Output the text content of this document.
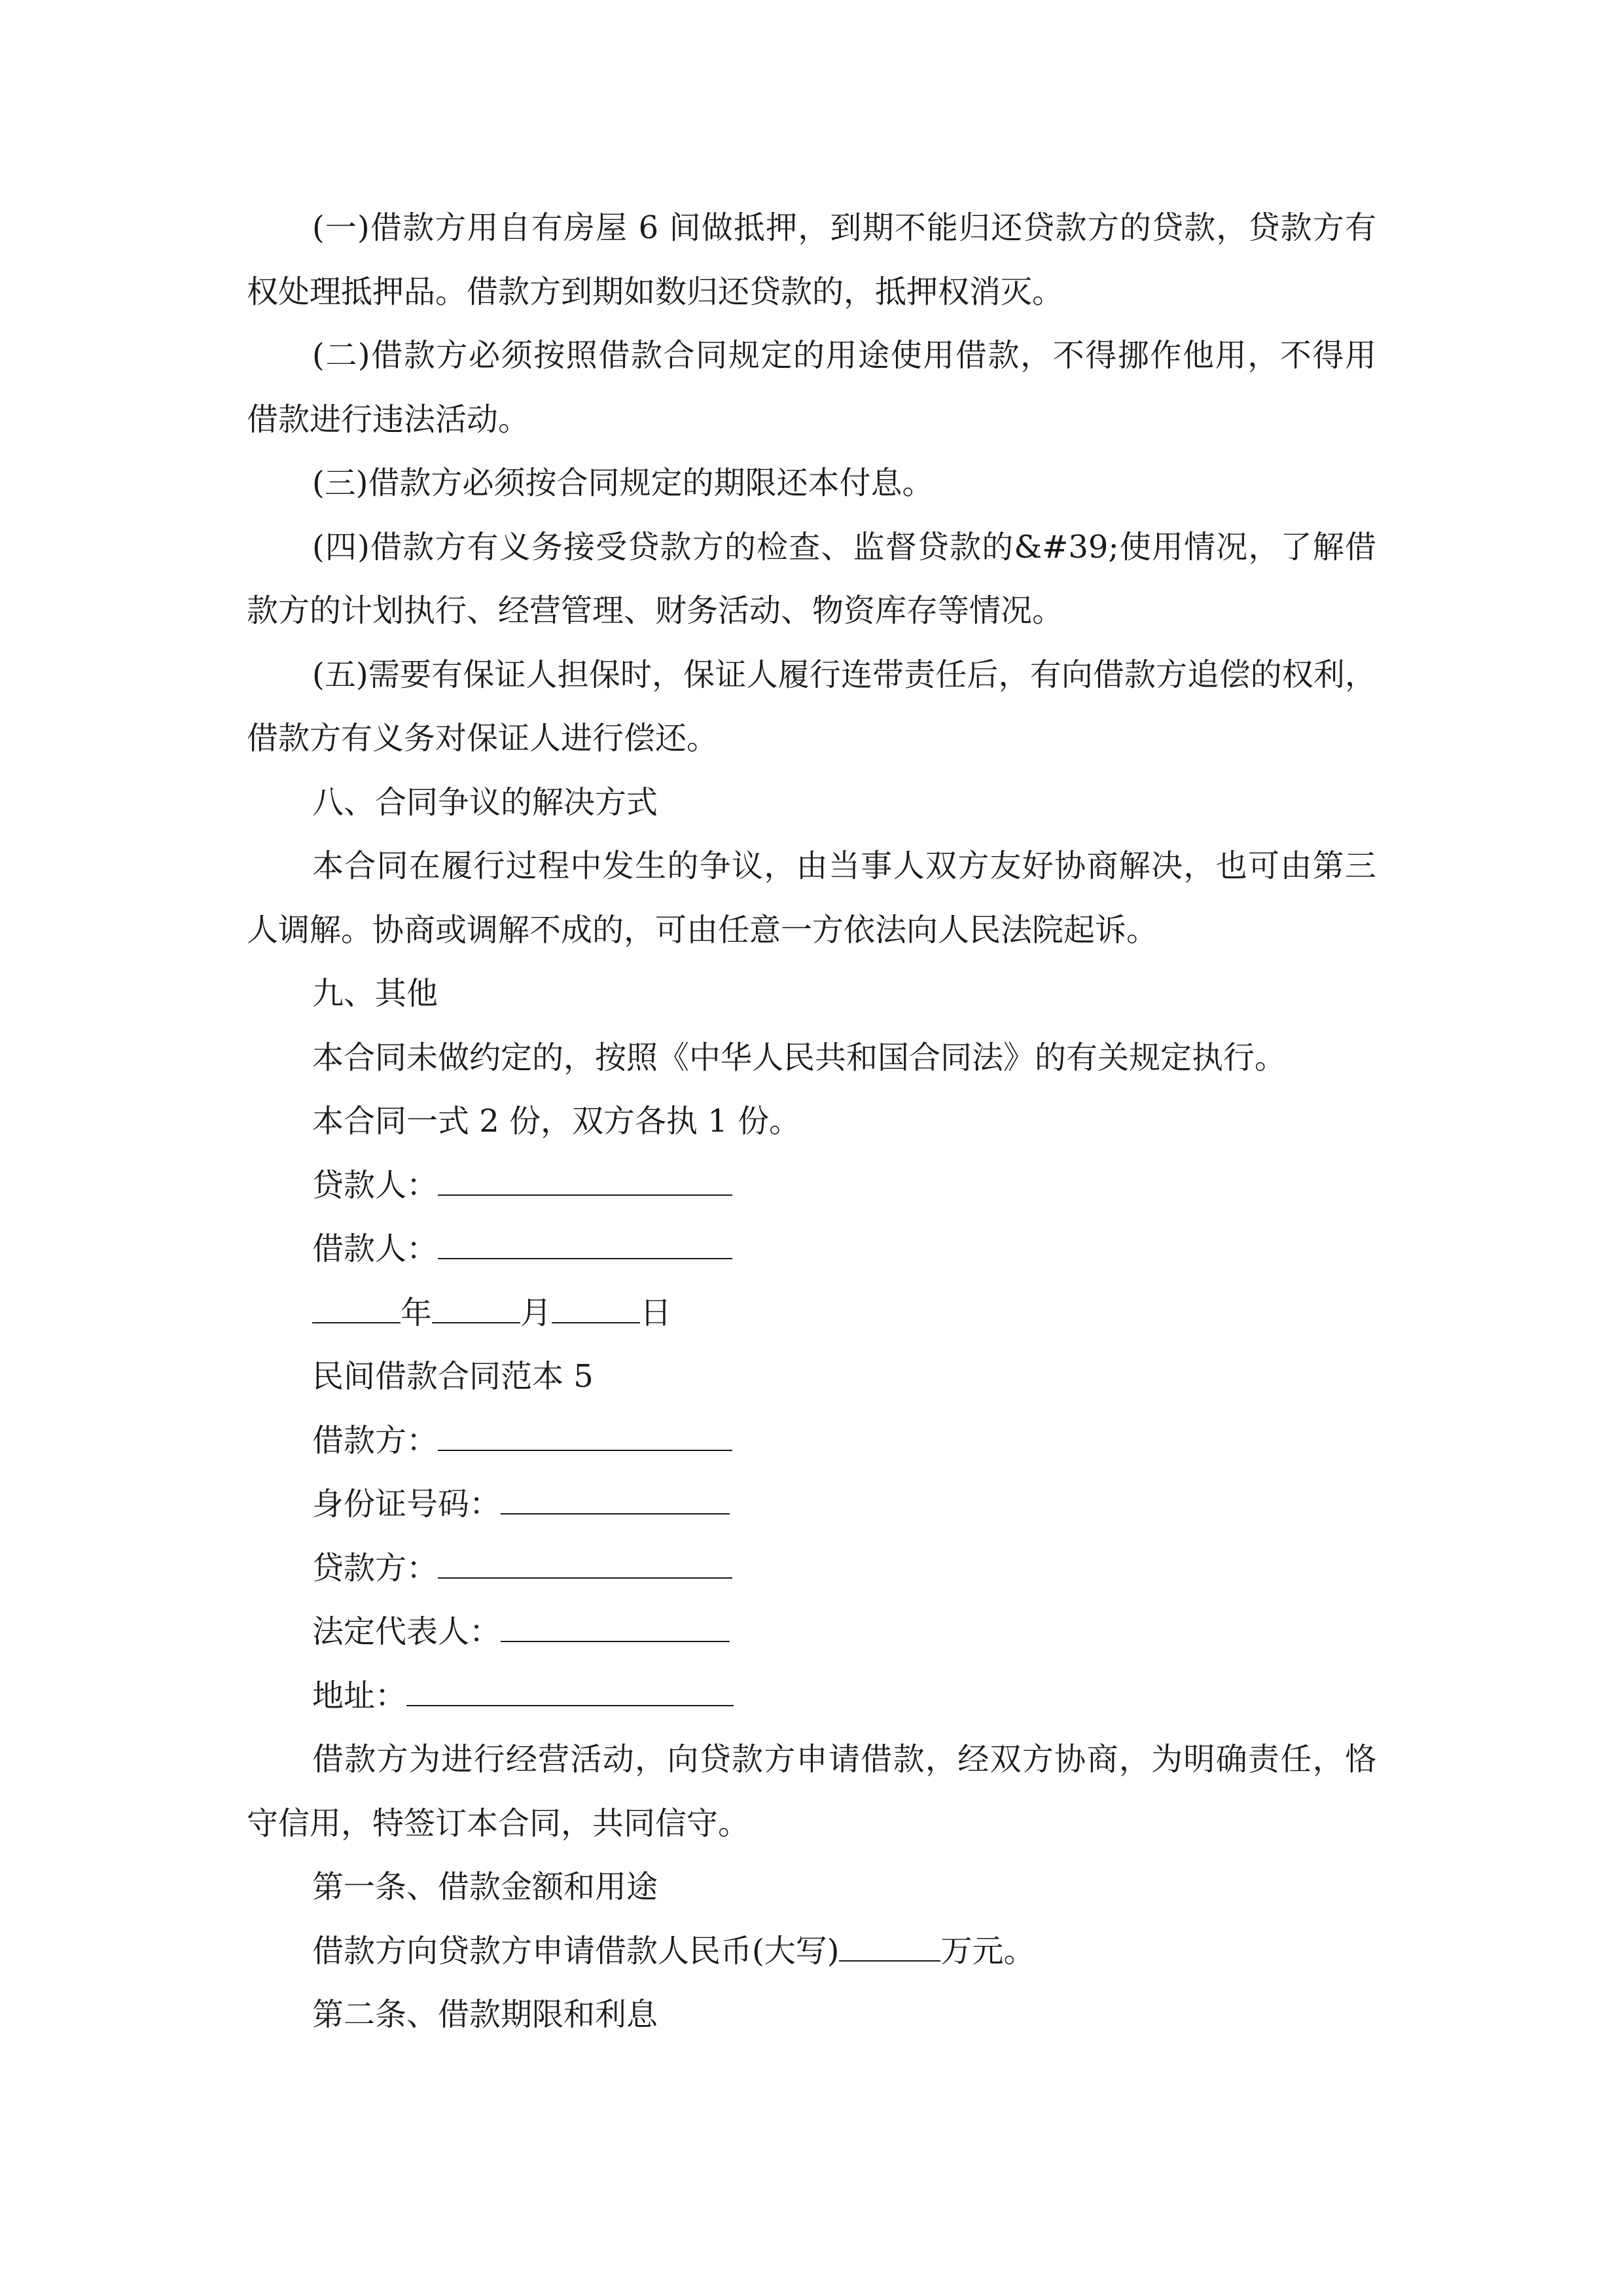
(一)借款方用自有房屋 6 间做抵押，到期不能归还贷款方的贷款，贷款方有
权处理抵押品。借款方到期如数归还贷款的，抵押权消灭。
(二)借款方必须按照借款合同规定的用途使用借款，不得挪作他用，不得用
借款进行违法活动。
(三)借款方必须按合同规定的期限还本付息。
(四)借款方有义务接受贷款方的检查、监督贷款的&#39;使用情况，了解借
款方的计划执行、经营管理、财务活动、物资库存等情况。
(五)需要有保证人担保时，保证人履行连带责任后，有向借款方追偿的权利，
借款方有义务对保证人进行偿还。
八、合同争议的解决方式
本合同在履行过程中发生的争议，由当事人双方友好协商解决，也可由第三
人调解。协商或调解不成的，可由任意一方依法向人民法院起诉。
九、其他
本合同未做约定的，按照《中华人民共和国合同法》的有关规定执行。
本合同一式 2 份，双方各执 1 份。
贷款人：
借款人：
年	月	日
民间借款合同范本 5
借款方：
身份证号码：
贷款方：
法定代表人：
地址：
借款方为进行经营活动，向贷款方申请借款，经双方协商，为明确责任，恪
守信用，特签订本合同，共同信守。
第一条、借款金额和用途
借款方向贷款方申请借款人民币(大写)	万元。
第二条、借款期限和利息
